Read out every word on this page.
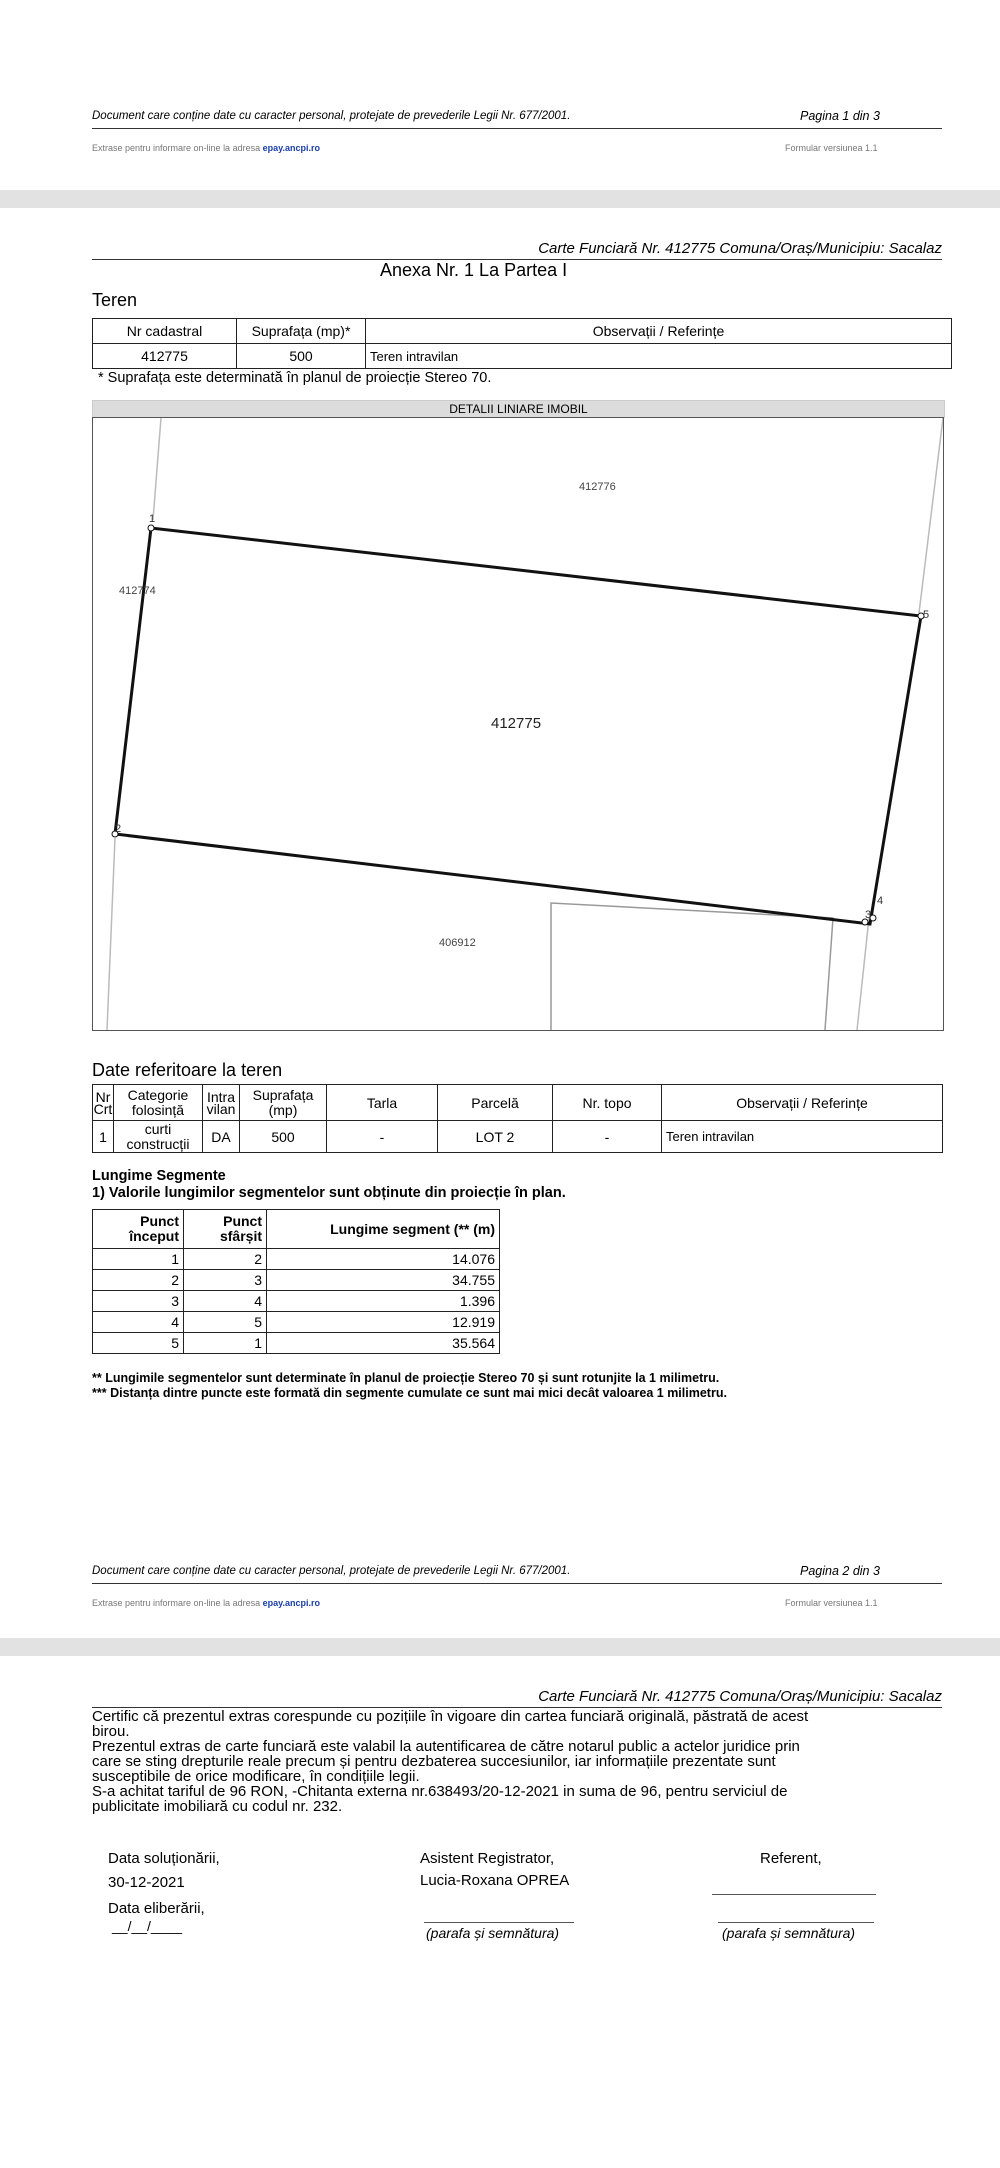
Document care conține date cu caracter personal, protejate de prevederile Legii Nr. 677/2001.	Pagina 1 din 3
Extrase pentru informare on-line la adresa epay.ancpi.ro	Formular versiunea 1.1
Carte Funciară Nr. 412775 Comuna/Oraș/Municipiu: Sacalaz
Anexa Nr. 1 La Partea I
Teren
Nr cadastral	Suprafața (mp)*	Observații / Referințe
412775	500	Teren intravilan
* Suprafața este determinată în planul de proiecție Stereo 70.
DETALII LINIARE IMOBIL
1
2
3
4
5
412775
412776
412774
406912
Date referitoare la teren
Nr Crt	Categorie folosință	Intra vilan	Suprafața (mp)	Tarla	Parcelă	Nr. topo	Observații / Referințe
1	curti construcții	DA	500	-	LOT 2	-	Teren intravilan
Lungime Segmente
1) Valorile lungimilor segmentelor sunt obținute din proiecție în plan.
Punct început	Punct sfârșit	Lungime segment (** (m)
1	2	14.076
2	3	34.755
3	4	1.396
4	5	12.919
5	1	35.564
** Lungimile segmentelor sunt determinate în planul de proiecție Stereo 70 și sunt rotunjite la 1 milimetru.
*** Distanța dintre puncte este formată din segmente cumulate ce sunt mai mici decât valoarea 1 milimetru.
Document care conține date cu caracter personal, protejate de prevederile Legii Nr. 677/2001.	Pagina 2 din 3
Extrase pentru informare on-line la adresa epay.ancpi.ro	Formular versiunea 1.1
Carte Funciară Nr. 412775 Comuna/Oraș/Municipiu: Sacalaz
Certific că prezentul extras corespunde cu pozițiile în vigoare din cartea funciară originală, păstrată de acest
birou.
Prezentul extras de carte funciară este valabil la autentificarea de către notarul public a actelor juridice prin
care se sting drepturile reale precum și pentru dezbaterea succesiunilor, iar informațiile prezentate sunt
susceptibile de orice modificare, în condițiile legii.
S-a achitat tariful de 96 RON, -Chitanta externa nr.638493/20-12-2021 in suma de 96, pentru serviciul de
publicitate imobiliară cu codul nr. 232.
Data soluționării,
30-12-2021
Data eliberării,
__/__/____
Asistent Registrator,
Lucia-Roxana OPREA
(parafa și semnătura)
Referent,
(parafa și semnătura)
